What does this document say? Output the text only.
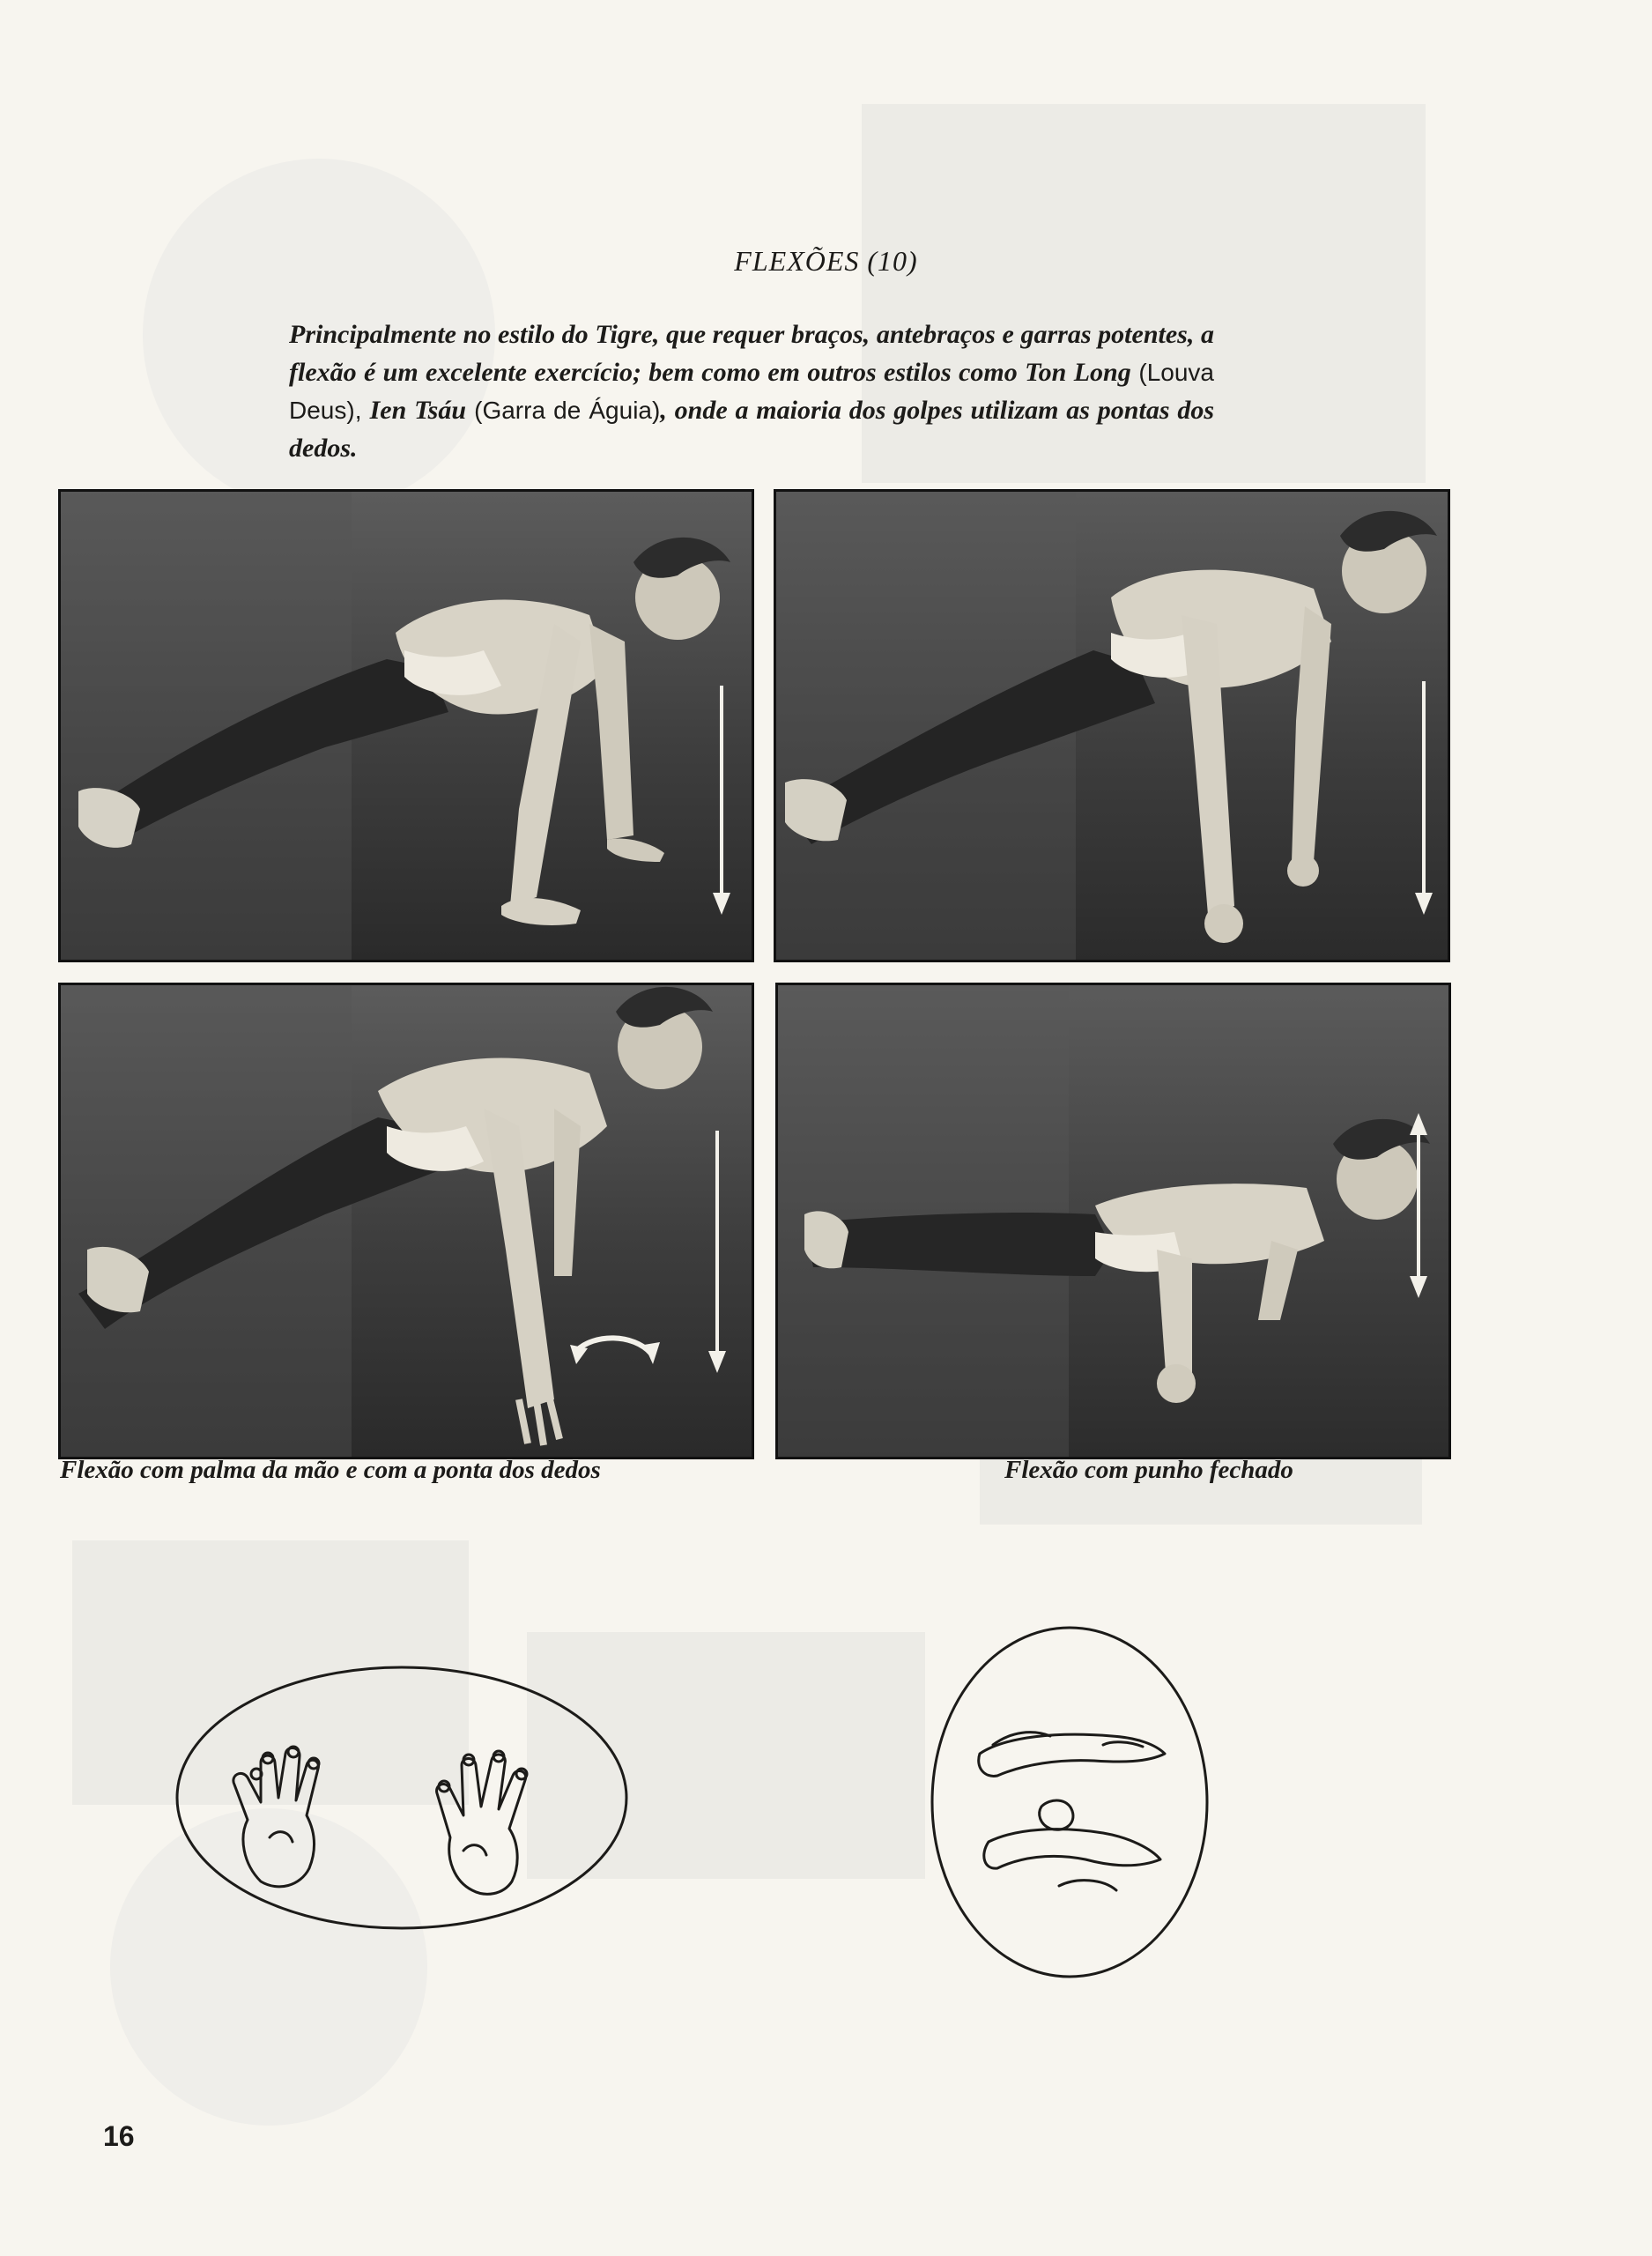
FLEXÕES (10)
Principalmente no estilo do Tigre, que requer braços, antebraços e garras potentes, a flexão é um excelente exercício; bem como em outros estilos como Ton Long (Louva Deus), Ien Tsáu (Garra de Águia), onde a maioria dos golpes utilizam as pontas dos dedos.
Flexão com palma da mão e com a ponta dos dedos	Flexão com punho fechado
16
